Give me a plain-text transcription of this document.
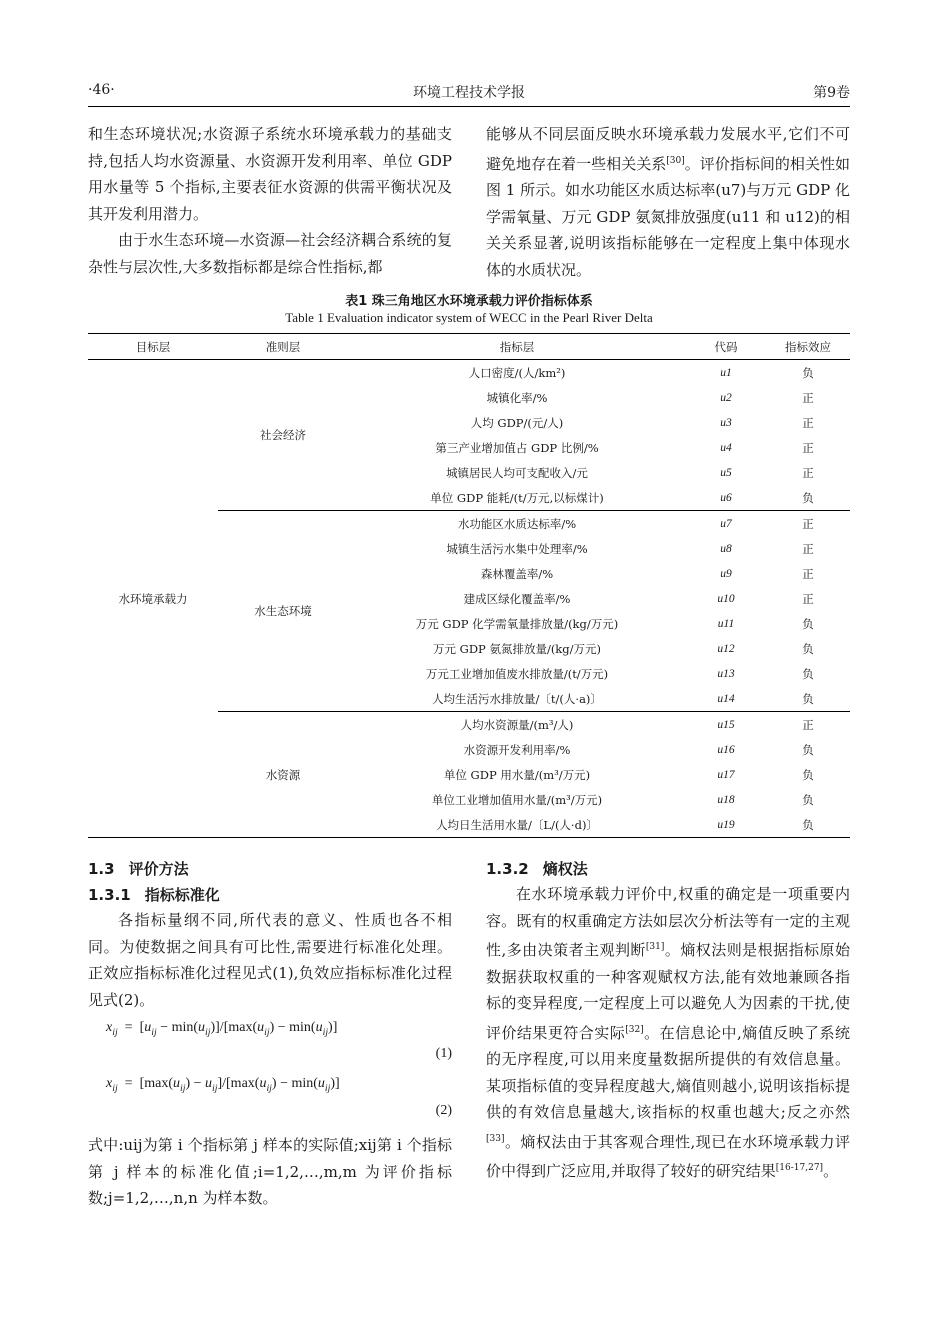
·46·	环境工程技术学报	第9卷

和生态环境状况;水资源子系统水环境承载力的基础支持,包括人均水资源量、水资源开发利用率、单位 GDP 用水量等 5 个指标,主要表征水资源的供需平衡状况及其开发利用潜力。

由于水生态环境—水资源—社会经济耦合系统的复杂性与层次性,大多数指标都是综合性指标,都

能够从不同层面反映水环境承载力发展水平,它们不可避免地存在着一些相关关系[30]。评价指标间的相关性如图 1 所示。如水功能区水质达标率(u7)与万元 GDP 化学需氧量、万元 GDP 氨氮排放强度(u11 和 u12)的相关关系显著,说明该指标能够在一定程度上集中体现水体的水质状况。

表1 珠三角地区水环境承载力评价指标体系
Table 1 Evaluation indicator system of WECC in the Pearl River Delta
目标层	准则层	指标层	代码	指标效应
水环境承载力	社会经济	人口密度/(人/km²)	u1	负
		城镇化率/%	u2	正
		人均 GDP/(元/人)	u3	正
		第三产业增加值占 GDP 比例/%	u4	正
		城镇居民人均可支配收入/元	u5	正
		单位 GDP 能耗/(t/万元,以标煤计)	u6	负
	水生态环境	水功能区水质达标率/%	u7	正
		城镇生活污水集中处理率/%	u8	正
		森林覆盖率/%	u9	正
		建成区绿化覆盖率/%	u10	正
		万元 GDP 化学需氧量排放量/(kg/万元)	u11	负
		万元 GDP 氨氮排放量/(kg/万元)	u12	负
		万元工业增加值废水排放量/(t/万元)	u13	负
		人均生活污水排放量/〔t/(人·a)〕	u14	负
	水资源	人均水资源量/(m³/人)	u15	正
		水资源开发利用率/%	u16	负
		单位 GDP 用水量/(m³/万元)	u17	负
		单位工业增加值用水量/(m³/万元)	u18	负
		人均日生活用水量/〔L/(人·d)〕	u19	负
1.3 评价方法
1.3.1 指标标准化
1.3.2 熵权法

各指标量纲不同,所代表的意义、性质也各不相同。为使数据之间具有可比性,需要进行标准化处理。正效应指标标准化过程见式(1),负效应指标标准化过程见式(2)。

$x_{ij} = [u_{ij} - \min(u_{ij})]/[\max(u_{ij}) - \min(u_{ij})]$
(1)
$x_{ij} = [\max(u_{ij}) - u_{ij}]/[\max(u_{ij}) - \min(u_{ij})]$
(2)

式中:uij为第 i 个指标第 j 样本的实际值;xij第 i 个指标第 j 样本的标准化值;i=1,2,…,m,m 为评价指标数;j=1,2,…,n,n 为样本数。

在水环境承载力评价中,权重的确定是一项重要内容。既有的权重确定方法如层次分析法等有一定的主观性,多由决策者主观判断[31]。熵权法则是根据指标原始数据获取权重的一种客观赋权方法,能有效地兼顾各指标的变异程度,一定程度上可以避免人为因素的干扰,使评价结果更符合实际[32]。在信息论中,熵值反映了系统的无序程度,可以用来度量数据所提供的有效信息量。某项指标值的变异程度越大,熵值则越小,说明该指标提供的有效信息量越大,该指标的权重也越大;反之亦然[33]。熵权法由于其客观合理性,现已在水环境承载力评价中得到广泛应用,并取得了较好的研究结果[16-17,27]。
